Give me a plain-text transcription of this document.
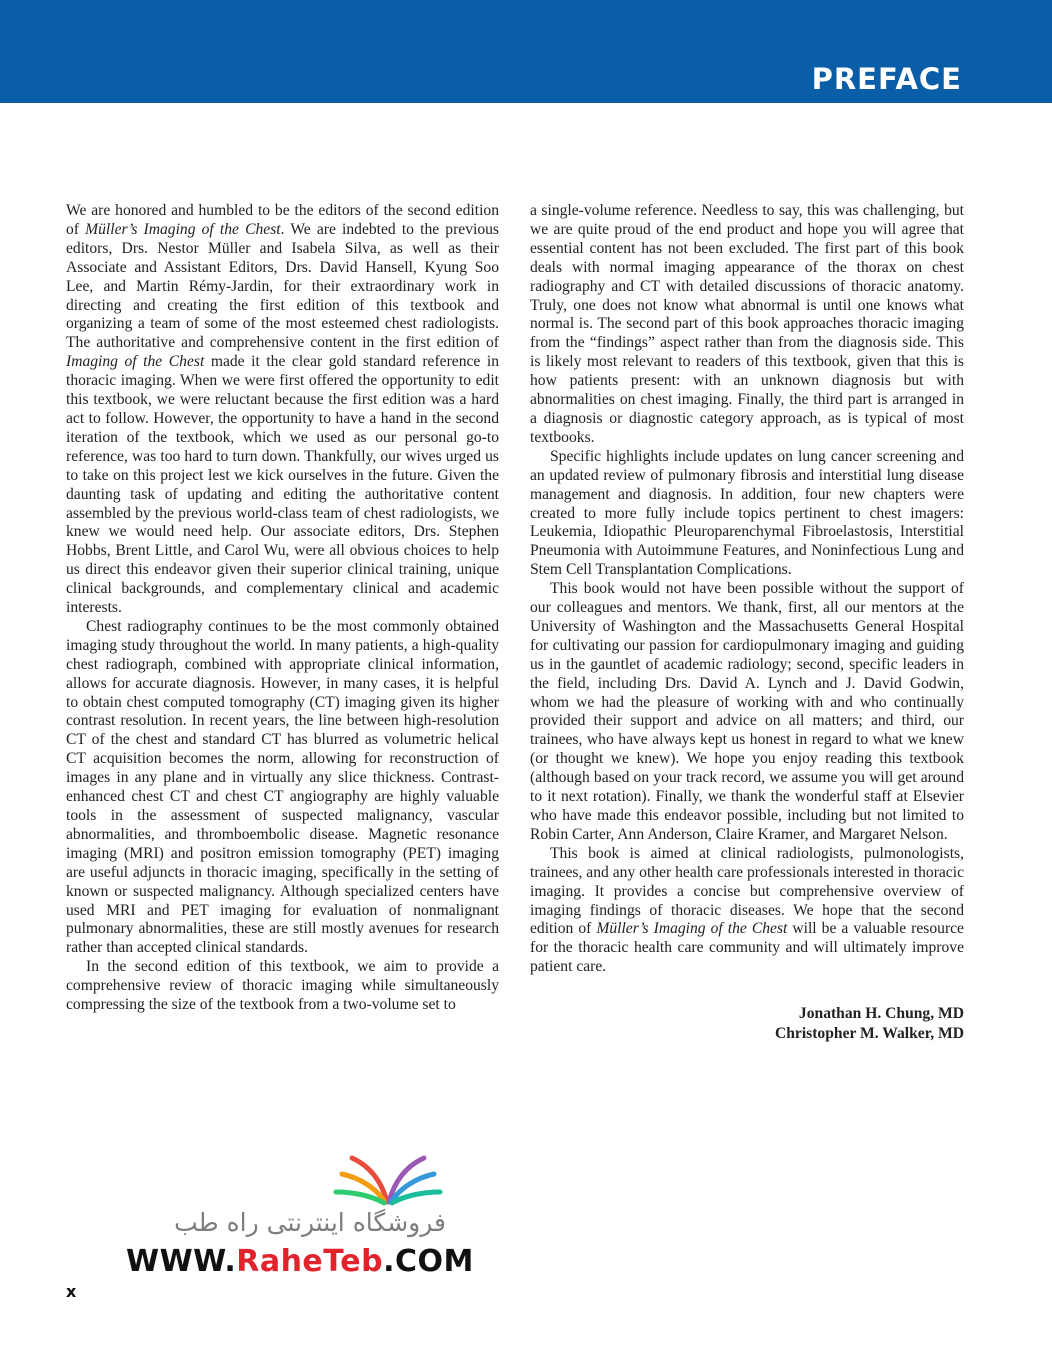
PREFACE

We are honored and humbled to be the editors of the second edition of Müller’s Imaging of the Chest. We are indebted to the previous editors, Drs. Nestor Müller and Isabela Silva, as well as their Associate and Assistant Editors, Drs. David Hansell, Kyung Soo Lee, and Martin Rémy-Jardin, for their extraordinary work in directing and creating the first edition of this textbook and organizing a team of some of the most esteemed chest radiologists. The authoritative and comprehensive content in the first edition of Imaging of the Chest made it the clear gold standard reference in thoracic imaging. When we were first offered the opportunity to edit this textbook, we were reluctant because the first edition was a hard act to follow. However, the opportunity to have a hand in the second iteration of the textbook, which we used as our personal go-to reference, was too hard to turn down. Thankfully, our wives urged us to take on this project lest we kick ourselves in the future. Given the daunting task of updating and editing the authoritative content assembled by the previous world-class team of chest radiologists, we knew we would need help. Our associate editors, Drs. Stephen Hobbs, Brent Little, and Carol Wu, were all obvious choices to help us direct this endeavor given their superior clinical training, unique clinical backgrounds, and complementary clinical and academic interests.

Chest radiography continues to be the most commonly obtained imaging study throughout the world. In many patients, a high-quality chest radiograph, combined with appropriate clinical information, allows for accurate diagnosis. However, in many cases, it is helpful to obtain chest computed tomography (CT) imaging given its higher contrast resolution. In recent years, the line between high-resolution CT of the chest and standard CT has blurred as volumetric helical CT acquisition becomes the norm, allowing for reconstruction of images in any plane and in virtually any slice thickness. Contrast-enhanced chest CT and chest CT angiography are highly valuable tools in the assessment of suspected malignancy, vascular abnormalities, and thromboembolic disease. Magnetic resonance imaging (MRI) and positron emission tomography (PET) imaging are useful adjuncts in thoracic imaging, specifically in the setting of known or suspected malignancy. Although specialized centers have used MRI and PET imaging for evaluation of nonmalignant pulmonary abnormalities, these are still mostly avenues for research rather than accepted clinical standards.

In the second edition of this textbook, we aim to provide a comprehensive review of thoracic imaging while simultaneously compressing the size of the textbook from a two-volume set to

a single-volume reference. Needless to say, this was challenging, but we are quite proud of the end product and hope you will agree that essential content has not been excluded. The first part of this book deals with normal imaging appearance of the thorax on chest radiography and CT with detailed discussions of thoracic anatomy. Truly, one does not know what abnormal is until one knows what normal is. The second part of this book approaches thoracic imaging from the “findings” aspect rather than from the diagnosis side. This is likely most relevant to readers of this textbook, given that this is how patients present: with an unknown diagnosis but with abnormalities on chest imaging. Finally, the third part is arranged in a diagnosis or diagnostic category approach, as is typical of most textbooks.

Specific highlights include updates on lung cancer screening and an updated review of pulmonary fibrosis and interstitial lung disease management and diagnosis. In addition, four new chapters were created to more fully include topics pertinent to chest imagers: Leukemia, Idiopathic Pleuroparenchymal Fibroelastosis, Interstitial Pneumonia with Autoimmune Features, and Noninfectious Lung and Stem Cell Transplantation Complications.

This book would not have been possible without the support of our colleagues and mentors. We thank, first, all our mentors at the University of Washington and the Massachusetts General Hospital for cultivating our passion for cardiopulmonary imaging and guiding us in the gauntlet of academic radiology; second, specific leaders in the field, including Drs. David A. Lynch and J. David Godwin, whom we had the pleasure of working with and who continually provided their support and advice on all matters; and third, our trainees, who have always kept us honest in regard to what we knew (or thought we knew). We hope you enjoy reading this textbook (although based on your track record, we assume you will get around to it next rotation). Finally, we thank the wonderful staff at Elsevier who have made this endeavor possible, including but not limited to Robin Carter, Ann Anderson, Claire Kramer, and Margaret Nelson.

This book is aimed at clinical radiologists, pulmonologists, trainees, and any other health care professionals interested in thoracic imaging. It provides a concise but comprehensive overview of imaging findings of thoracic diseases. We hope that the second edition of Müller’s Imaging of the Chest will be a valuable resource for the thoracic health care community and will ultimately improve patient care.

Jonathan H. Chung, MD
Christopher M. Walker, MD
فروشگاه اینترنتی راه طب
WWW.RaheTeb.COM
x
